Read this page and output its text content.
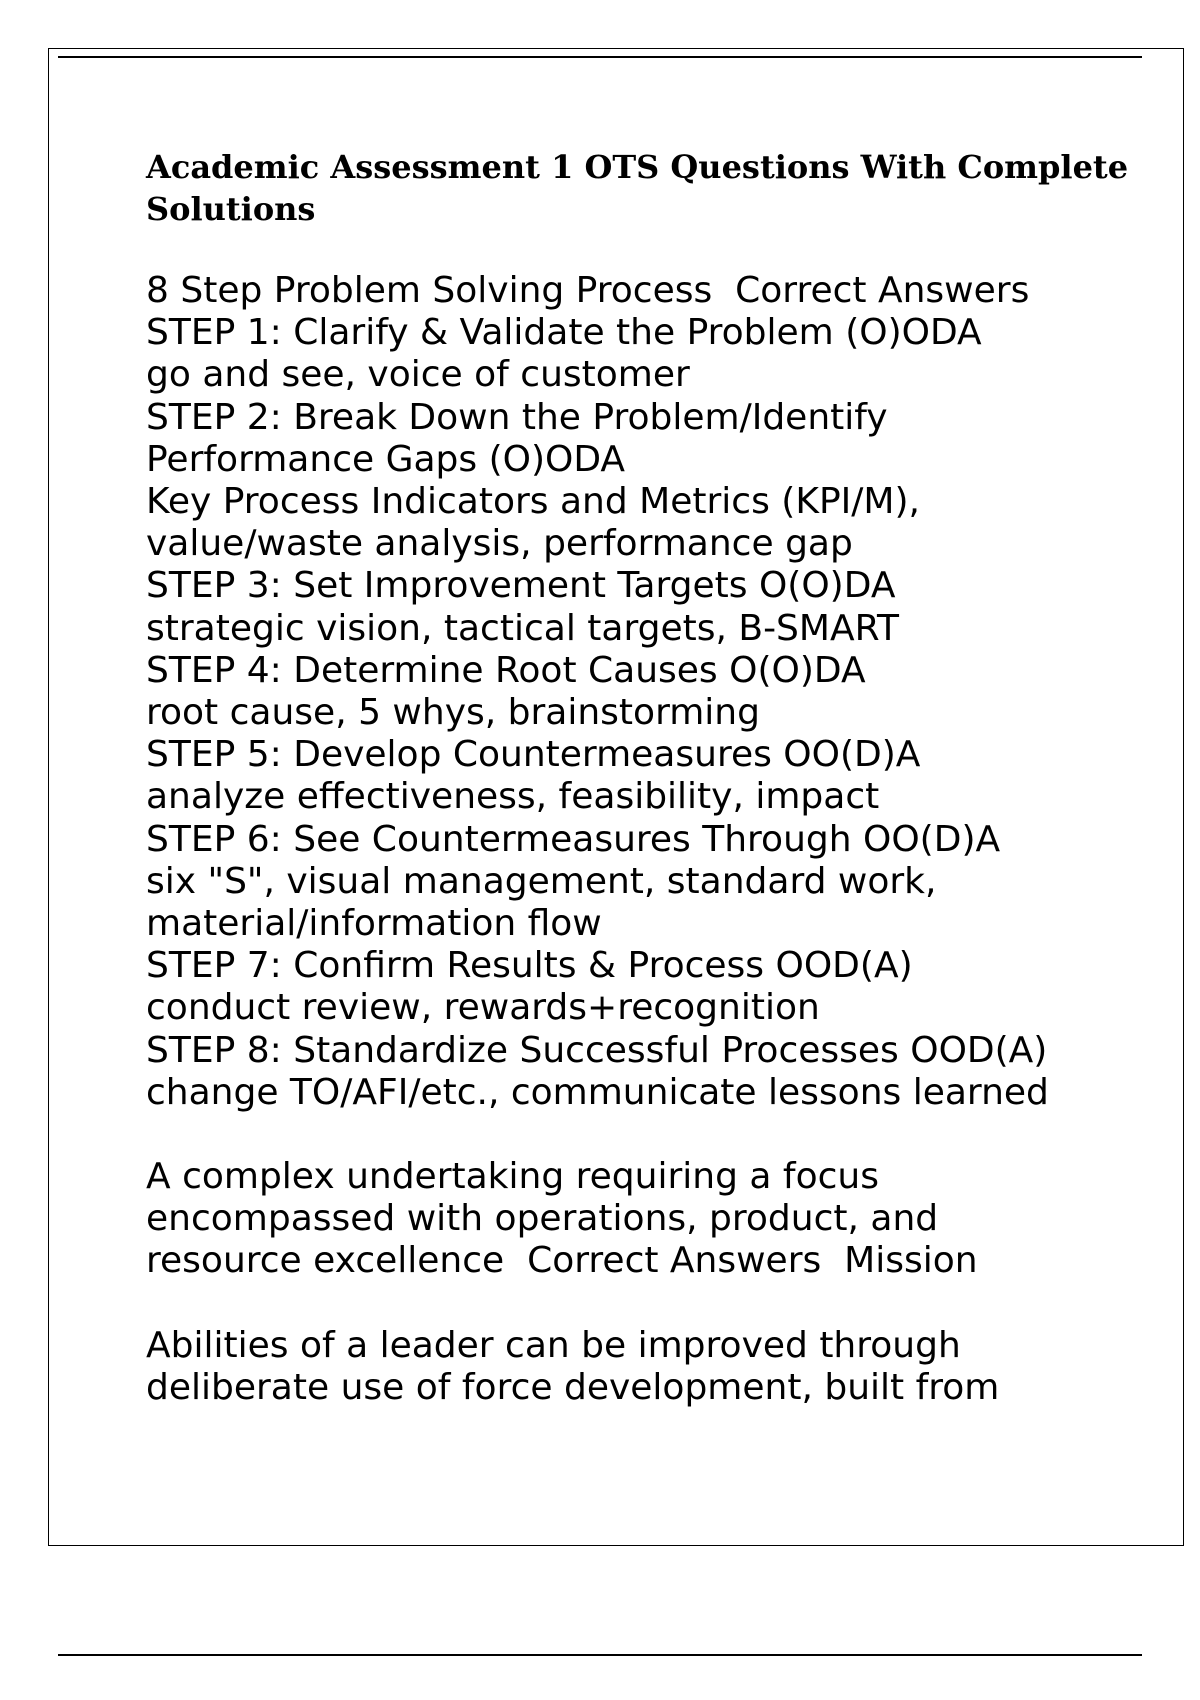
Academic Assessment 1 OTS Questions With Complete
Solutions
8 Step Problem Solving Process  Correct Answers
STEP 1: Clarify & Validate the Problem (O)ODA
go and see, voice of customer
STEP 2: Break Down the Problem/Identify
Performance Gaps (O)ODA
Key Process Indicators and Metrics (KPI/M),
value/waste analysis, performance gap
STEP 3: Set Improvement Targets O(O)DA
strategic vision, tactical targets, B-SMART
STEP 4: Determine Root Causes O(O)DA
root cause, 5 whys, brainstorming
STEP 5: Develop Countermeasures OO(D)A
analyze effectiveness, feasibility, impact
STEP 6: See Countermeasures Through OO(D)A
six "S", visual management, standard work,
material/information flow
STEP 7: Confirm Results & Process OOD(A)
conduct review, rewards+recognition
STEP 8: Standardize Successful Processes OOD(A)
change TO/AFI/etc., communicate lessons learned
A complex undertaking requiring a focus
encompassed with operations, product, and
resource excellence  Correct Answers  Mission
Abilities of a leader can be improved through
deliberate use of force development, built from
